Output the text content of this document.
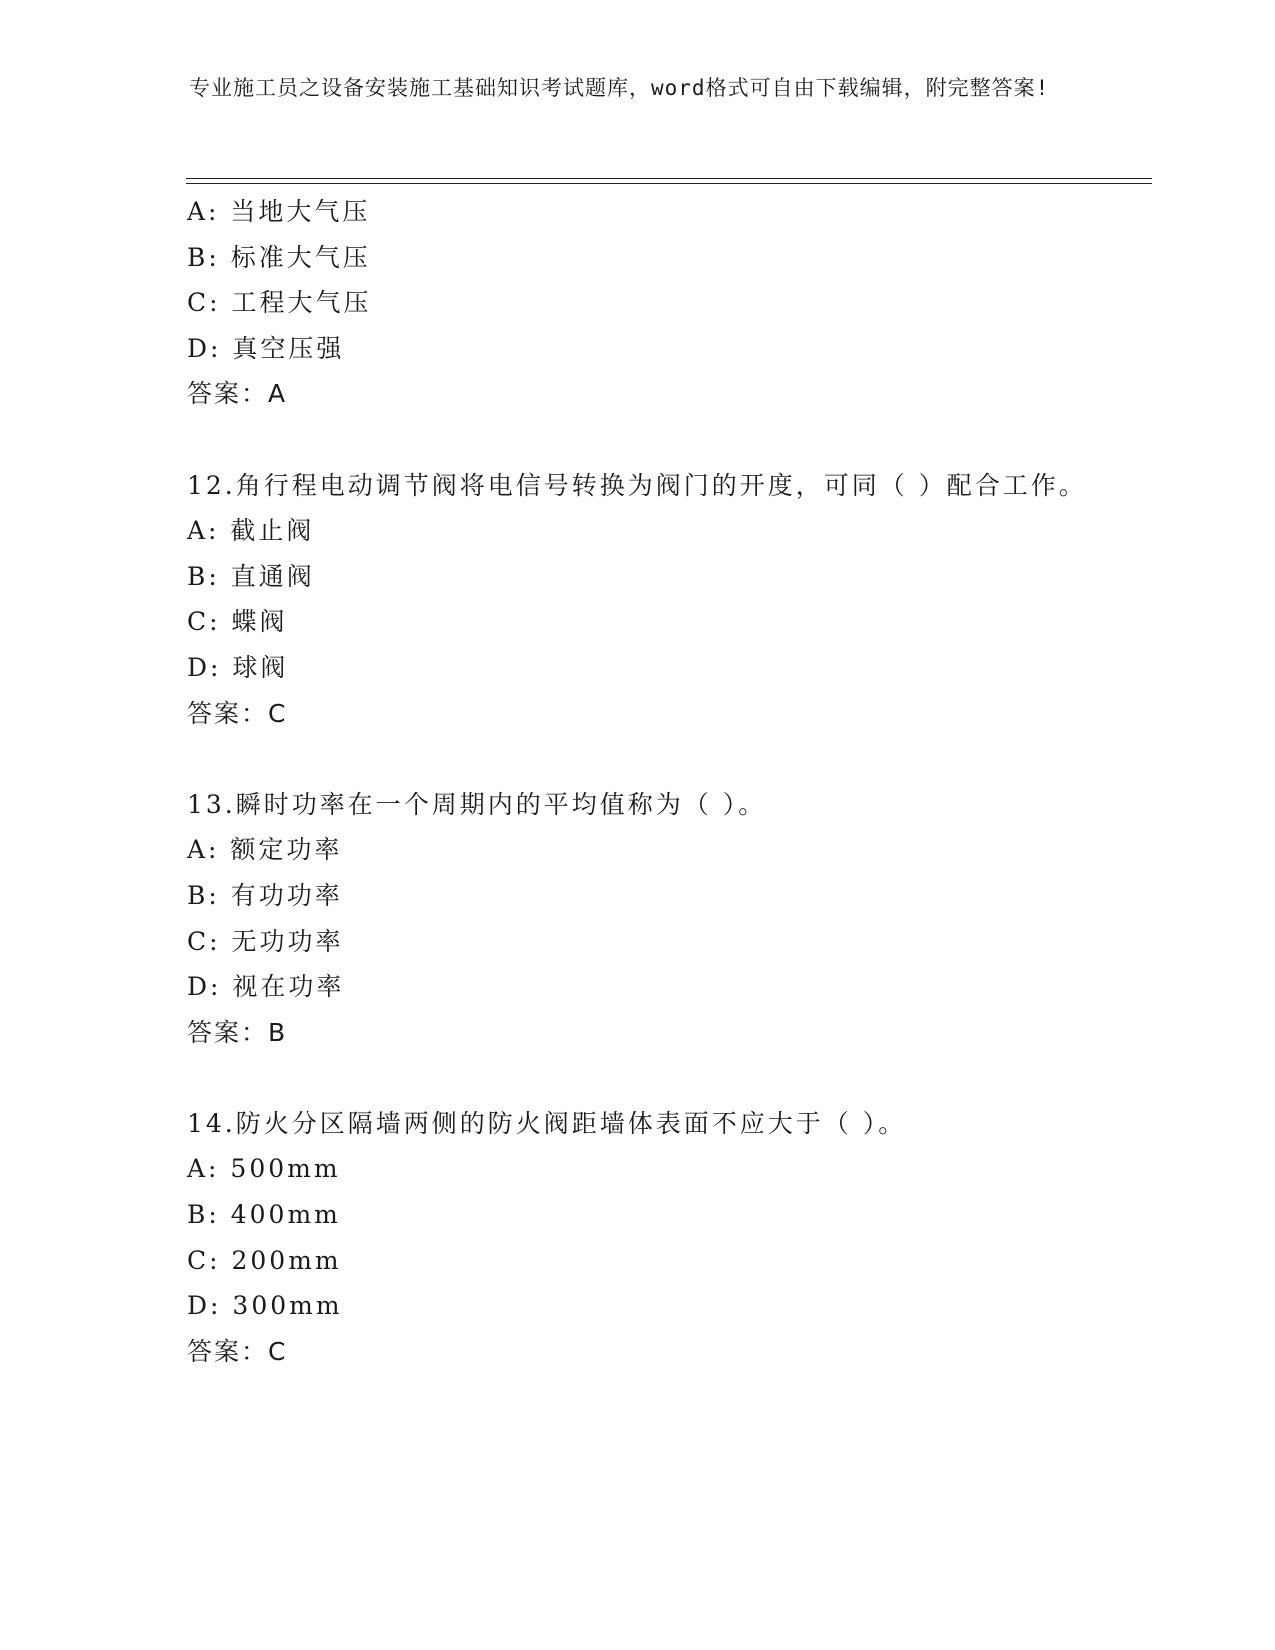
专业施工员之设备安装施工基础知识考试题库，word格式可自由下载编辑，附完整答案!
A: 当地大气压
B: 标准大气压
C: 工程大气压
D: 真空压强
答案：A
12.角行程电动调节阀将电信号转换为阀门的开度，可同（ ）配合工作。
A: 截止阀
B: 直通阀
C: 蝶阀
D: 球阀
答案：C
13.瞬时功率在一个周期内的平均值称为（ ）。
A: 额定功率
B: 有功功率
C: 无功功率
D: 视在功率
答案：B
14.防火分区隔墙两侧的防火阀距墙体表面不应大于（ ）。
A: 500mm
B: 400mm
C: 200mm
D: 300mm
答案：C
